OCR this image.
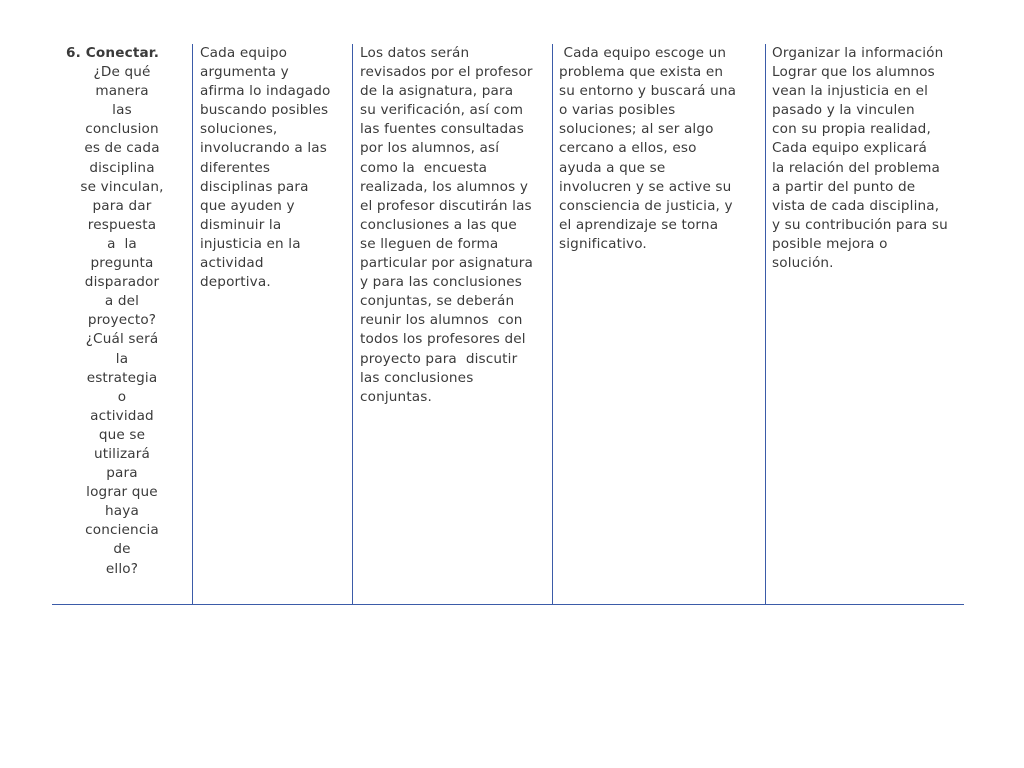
6. Conectar.
¿De qué
manera
las
conclusion
es de cada
disciplina
se vinculan,
para dar
respuesta
a  la
pregunta
disparador
a del
proyecto?
¿Cuál será
la
estrategia
o
actividad
que se
utilizará
para
lograr que
haya
conciencia
de
ello?

Cada equipo
argumenta y
afirma lo indagado
buscando posibles
soluciones,
involucrando a las
diferentes
disciplinas para
que ayuden y
disminuir la
injusticia en la
actividad
deportiva.

Los datos serán
revisados por el profesor
de la asignatura, para
su verificación, así com
las fuentes consultadas
por los alumnos, así
como la  encuesta
realizada, los alumnos y
el profesor discutirán las
conclusiones a las que
se lleguen de forma
particular por asignatura
y para las conclusiones
conjuntas, se deberán
reunir los alumnos  con
todos los profesores del
proyecto para  discutir
las conclusiones
conjuntas.

Cada equipo escoge un
problema que exista en
su entorno y buscará una
o varias posibles
soluciones; al ser algo
cercano a ellos, eso
ayuda a que se
involucren y se active su
consciencia de justicia, y
el aprendizaje se torna
significativo.

Organizar la información
Lograr que los alumnos
vean la injusticia en el
pasado y la vinculen
con su propia realidad,
Cada equipo explicará
la relación del problema
a partir del punto de
vista de cada disciplina,
y su contribución para su
posible mejora o
solución.
